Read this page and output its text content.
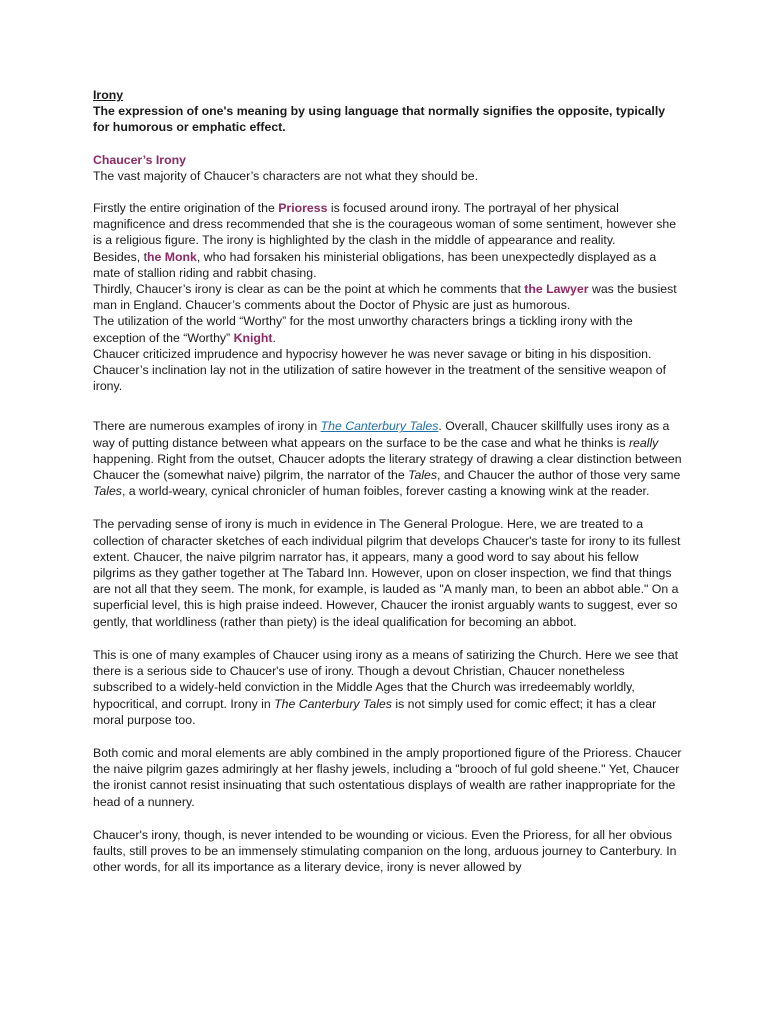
Irony

The expression of one's meaning by using language that normally signifies the opposite, typically for humorous or emphatic effect.

Chaucer’s Irony

The vast majority of Chaucer’s characters are not what they should be.

Firstly the entire origination of the Prioress is focused around irony. The portrayal of her physical magnificence and dress recommended that she is the courageous woman of some sentiment, however she is a religious figure. The irony is highlighted by the clash in the middle of appearance and reality.

Besides, the Monk, who had forsaken his ministerial obligations, has been unexpectedly displayed as a mate of stallion riding and rabbit chasing.

Thirdly, Chaucer’s irony is clear as can be the point at which he comments that the Lawyer was the busiest man in England. Chaucer’s comments about the Doctor of Physic are just as humorous.

The utilization of the world “Worthy” for the most unworthy characters brings a tickling irony with the exception of the “Worthy” Knight.

Chaucer criticized imprudence and hypocrisy however he was never savage or biting in his disposition. Chaucer’s inclination lay not in the utilization of satire however in the treatment of the sensitive weapon of irony.

There are numerous examples of irony in The Canterbury Tales. Overall, Chaucer skillfully uses irony as a way of putting distance between what appears on the surface to be the case and what he thinks is really happening. Right from the outset, Chaucer adopts the literary strategy of drawing a clear distinction between Chaucer the (somewhat naive) pilgrim, the narrator of the Tales, and Chaucer the author of those very same Tales, a world-weary, cynical chronicler of human foibles, forever casting a knowing wink at the reader.

The pervading sense of irony is much in evidence in The General Prologue. Here, we are treated to a collection of character sketches of each individual pilgrim that develops Chaucer's taste for irony to its fullest extent. Chaucer, the naive pilgrim narrator has, it appears, many a good word to say about his fellow pilgrims as they gather together at The Tabard Inn. However, upon on closer inspection, we find that things are not all that they seem. The monk, for example, is lauded as "A manly man, to been an abbot able." On a superficial level, this is high praise indeed. However, Chaucer the ironist arguably wants to suggest, ever so gently, that worldliness (rather than piety) is the ideal qualification for becoming an abbot.

This is one of many examples of Chaucer using irony as a means of satirizing the Church. Here we see that there is a serious side to Chaucer's use of irony. Though a devout Christian, Chaucer nonetheless subscribed to a widely-held conviction in the Middle Ages that the Church was irredeemably worldly, hypocritical, and corrupt. Irony in The Canterbury Tales is not simply used for comic effect; it has a clear moral purpose too.

Both comic and moral elements are ably combined in the amply proportioned figure of the Prioress. Chaucer the naive pilgrim gazes admiringly at her flashy jewels, including a "brooch of ful gold sheene." Yet, Chaucer the ironist cannot resist insinuating that such ostentatious displays of wealth are rather inappropriate for the head of a nunnery.

Chaucer's irony, though, is never intended to be wounding or vicious. Even the Prioress, for all her obvious faults, still proves to be an immensely stimulating companion on the long, arduous journey to Canterbury. In other words, for all its importance as a literary device, irony is never allowed by
